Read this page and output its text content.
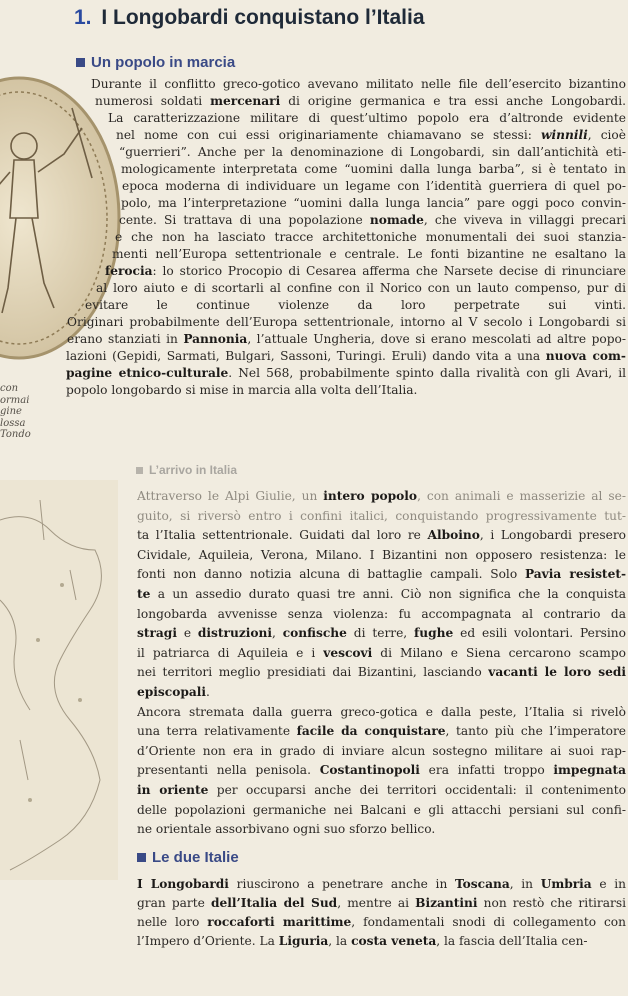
1. I Longobardi conquistano l’Italia
Un popolo in marcia
Durante il conflitto greco-gotico avevano militato nelle file dell’esercito bizantino
numerosi soldati mercenari di origine germanica e tra essi anche Longobardi.
La caratterizzazione militare di quest’ultimo popolo era d’altronde evidente
nel nome con cui essi originariamente chiamavano se stessi: winnili, cioè
“guerrieri”. Anche per la denominazione di Longobardi, sin dall’antichità eti-
mologicamente interpretata come “uomini dalla lunga barba”, si è tentato in
epoca moderna di individuare un legame con l’identità guerriera di quel po-
polo, ma l’interpretazione “uomini dalla lunga lancia” pare oggi poco convin-
cente. Si trattava di una popolazione nomade, che viveva in villaggi precari
e che non ha lasciato tracce architettoniche monumentali dei suoi stanzia-
menti nell’Europa settentrionale e centrale. Le fonti bizantine ne esaltano la
ferocia: lo storico Procopio di Cesarea afferma che Narsete decise di rinunciare
al loro aiuto e di scortarli al confine con il Norico con un lauto compenso, pur di
evitare le continue violenze da loro perpetrate sui vinti.
Originari probabilmente dell’Europa settentrionale, intorno al V secolo i Longobardi si
erano stanziati in Pannonia, l’attuale Ungheria, dove si erano mescolati ad altre popo-
lazioni (Gepidi, Sarmati, Bulgari, Sassoni, Turingi. Eruli) dando vita a una nuova com-
pagine etnico-culturale. Nel 568, probabilmente spinto dalla rivalità con gli Avari, il
popolo longobardo si mise in marcia alla volta dell’Italia.
con
ormai
gine
lossa
Tondo
L’arrivo in Italia
Attraverso le Alpi Giulie, un intero popolo, con animali e masserizie al se-
guito, si riversò entro i confini italici, conquistando progressivamente tut-
ta l’Italia settentrionale. Guidati dal loro re Alboino, i Longobardi presero
Cividale, Aquileia, Verona, Milano. I Bizantini non opposero resistenza: le
fonti non danno notizia alcuna di battaglie campali. Solo Pavia resistet-
te a un assedio durato quasi tre anni. Ciò non significa che la conquista
longobarda avvenisse senza violenza: fu accompagnata al contrario da
stragi e distruzioni, confische di terre, fughe ed esili volontari. Persino
il patriarca di Aquileia e i vescovi di Milano e Siena cercarono scampo
nei territori meglio presidiati dai Bizantini, lasciando vacanti le loro sedi
episcopali.
Ancora stremata dalla guerra greco-gotica e dalla peste, l’Italia si rivelò
una terra relativamente facile da conquistare, tanto più che l’imperatore
d’Oriente non era in grado di inviare alcun sostegno militare ai suoi rap-
presentanti nella penisola. Costantinopoli era infatti troppo impegnata
in oriente per occuparsi anche dei territori occidentali: il contenimento
delle popolazioni germaniche nei Balcani e gli attacchi persiani sul confi-
ne orientale assorbivano ogni suo sforzo bellico.
Le due Italie
I Longobardi riuscirono a penetrare anche in Toscana, in Umbria e in
gran parte dell’Italia del Sud, mentre ai Bizantini non restò che ritirarsi
nelle loro roccaforti marittime, fondamentali snodi di collegamento con
l’Impero d’Oriente. La Liguria, la costa veneta, la fascia dell’Italia cen-
